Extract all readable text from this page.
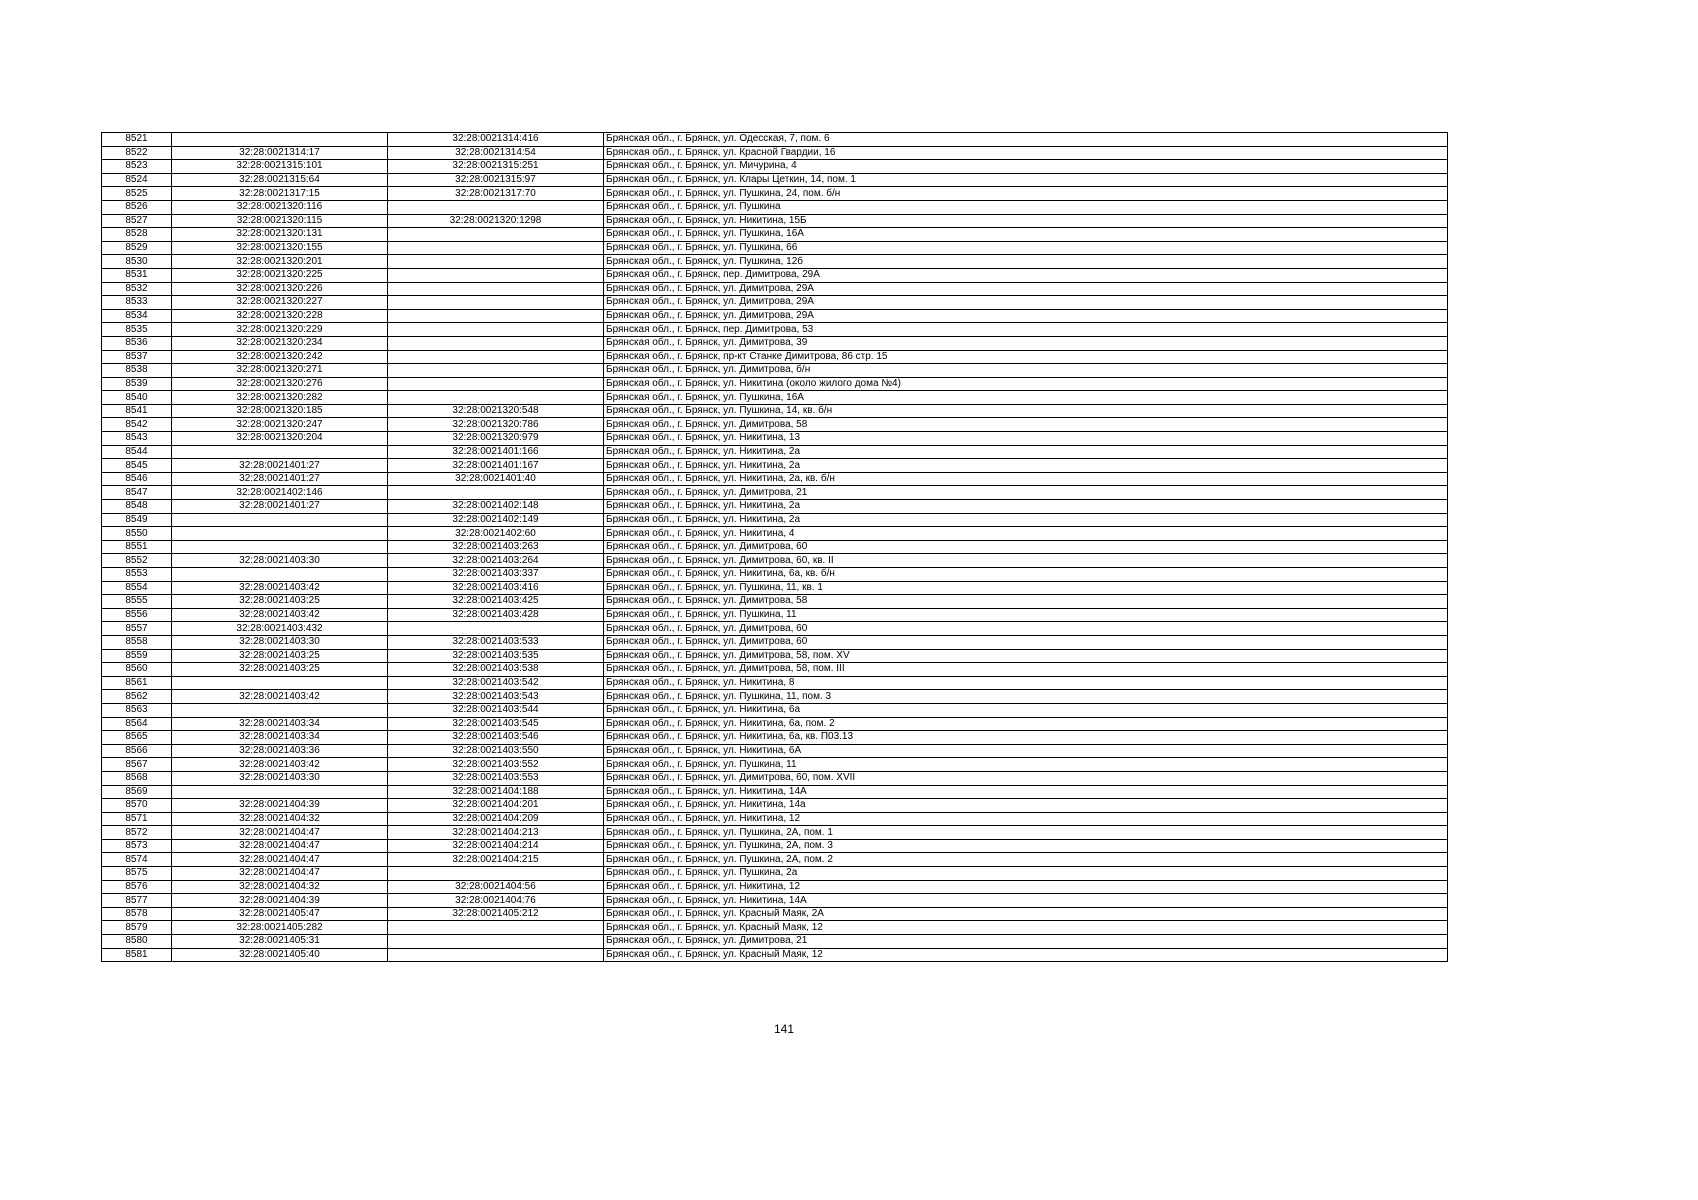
8521		32:28:0021314:416	Брянская обл., г. Брянск, ул. Одесская, 7, пом. 6
8522	32:28:0021314:17	32:28:0021314:54	Брянская обл., г. Брянск, ул. Красной Гвардии, 16
8523	32:28:0021315:101	32:28:0021315:251	Брянская обл., г. Брянск, ул. Мичурина, 4
8524	32:28:0021315:64	32:28:0021315:97	Брянская обл., г. Брянск, ул. Клары Цеткин, 14, пом. 1
8525	32:28:0021317:15	32:28:0021317:70	Брянская обл., г. Брянск, ул. Пушкина, 24, пом. б/н
8526	32:28:0021320:116		Брянская обл., г. Брянск, ул. Пушкина
8527	32:28:0021320:115	32:28:0021320:1298	Брянская обл., г. Брянск, ул. Никитина, 15Б
8528	32:28:0021320:131		Брянская обл., г. Брянск, ул. Пушкина, 16А
8529	32:28:0021320:155		Брянская обл., г. Брянск, ул. Пушкина, 66
8530	32:28:0021320:201		Брянская обл., г. Брянск, ул. Пушкина, 12б
8531	32:28:0021320:225		Брянская обл., г. Брянск, пер. Димитрова, 29А
8532	32:28:0021320:226		Брянская обл., г. Брянск, ул. Димитрова, 29А
8533	32:28:0021320:227		Брянская обл., г. Брянск, ул. Димитрова, 29А
8534	32:28:0021320:228		Брянская обл., г. Брянск, ул. Димитрова, 29А
8535	32:28:0021320:229		Брянская обл., г. Брянск, пер. Димитрова, 53
8536	32:28:0021320:234		Брянская обл., г. Брянск, ул. Димитрова, 39
8537	32:28:0021320:242		Брянская обл., г. Брянск, пр-кт Станке Димитрова, 86 стр. 15
8538	32:28:0021320:271		Брянская обл., г. Брянск, ул. Димитрова, б/н
8539	32:28:0021320:276		Брянская обл., г. Брянск, ул. Никитина (около жилого дома №4)
8540	32:28:0021320:282		Брянская обл., г. Брянск, ул. Пушкина, 16А
8541	32:28:0021320:185	32:28:0021320:548	Брянская обл., г. Брянск, ул. Пушкина, 14, кв. б/н
8542	32:28:0021320:247	32:28:0021320:786	Брянская обл., г. Брянск, ул. Димитрова, 58
8543	32:28:0021320:204	32:28:0021320:979	Брянская обл., г. Брянск, ул. Никитина, 13
8544		32:28:0021401:166	Брянская обл., г. Брянск, ул. Никитина, 2а
8545	32:28:0021401:27	32:28:0021401:167	Брянская обл., г. Брянск, ул. Никитина, 2а
8546	32:28:0021401:27	32:28:0021401:40	Брянская обл., г. Брянск, ул. Никитина, 2а, кв. б/н
8547	32:28:0021402:146		Брянская обл., г. Брянск, ул. Димитрова, 21
8548	32:28:0021401:27	32:28:0021402:148	Брянская обл., г. Брянск, ул. Никитина, 2а
8549		32:28:0021402:149	Брянская обл., г. Брянск, ул. Никитина, 2а
8550		32:28:0021402:60	Брянская обл., г. Брянск, ул. Никитина, 4
8551		32:28:0021403:263	Брянская обл., г. Брянск, ул. Димитрова, 60
8552	32:28:0021403:30	32:28:0021403:264	Брянская обл., г. Брянск, ул. Димитрова, 60, кв. II
8553		32:28:0021403:337	Брянская обл., г. Брянск, ул. Никитина, 6а, кв. б/н
8554	32:28:0021403:42	32:28:0021403:416	Брянская обл., г. Брянск, ул. Пушкина, 11, кв. 1
8555	32:28:0021403:25	32:28:0021403:425	Брянская обл., г. Брянск, ул. Димитрова, 58
8556	32:28:0021403:42	32:28:0021403:428	Брянская обл., г. Брянск, ул. Пушкина, 11
8557	32:28:0021403:432		Брянская обл., г. Брянск, ул. Димитрова, 60
8558	32:28:0021403:30	32:28:0021403:533	Брянская обл., г. Брянск, ул. Димитрова, 60
8559	32:28:0021403:25	32:28:0021403:535	Брянская обл., г. Брянск, ул. Димитрова, 58, пом. XV
8560	32:28:0021403:25	32:28:0021403:538	Брянская обл., г. Брянск, ул. Димитрова, 58, пом. III
8561		32:28:0021403:542	Брянская обл., г. Брянск, ул. Никитина, 8
8562	32:28:0021403:42	32:28:0021403:543	Брянская обл., г. Брянск, ул. Пушкина, 11, пом. 3
8563		32:28:0021403:544	Брянская обл., г. Брянск, ул. Никитина, 6а
8564	32:28:0021403:34	32:28:0021403:545	Брянская обл., г. Брянск, ул. Никитина, 6а, пом. 2
8565	32:28:0021403:34	32:28:0021403:546	Брянская обл., г. Брянск, ул. Никитина, 6а, кв. П03.13
8566	32:28:0021403:36	32:28:0021403:550	Брянская обл., г. Брянск, ул. Никитина, 6А
8567	32:28:0021403:42	32:28:0021403:552	Брянская обл., г. Брянск, ул. Пушкина, 11
8568	32:28:0021403:30	32:28:0021403:553	Брянская обл., г. Брянск, ул. Димитрова, 60, пом. XVII
8569		32:28:0021404:188	Брянская обл., г. Брянск, ул. Никитина, 14А
8570	32:28:0021404:39	32:28:0021404:201	Брянская обл., г. Брянск, ул. Никитина, 14а
8571	32:28:0021404:32	32:28:0021404:209	Брянская обл., г. Брянск, ул. Никитина, 12
8572	32:28:0021404:47	32:28:0021404:213	Брянская обл., г. Брянск, ул. Пушкина, 2А, пом. 1
8573	32:28:0021404:47	32:28:0021404:214	Брянская обл., г. Брянск, ул. Пушкина, 2А, пом. 3
8574	32:28:0021404:47	32:28:0021404:215	Брянская обл., г. Брянск, ул. Пушкина, 2А, пом. 2
8575	32:28:0021404:47		Брянская обл., г. Брянск, ул. Пушкина, 2а
8576	32:28:0021404:32	32:28:0021404:56	Брянская обл., г. Брянск, ул. Никитина, 12
8577	32:28:0021404:39	32:28:0021404:76	Брянская обл., г. Брянск, ул. Никитина, 14А
8578	32:28:0021405:47	32:28:0021405:212	Брянская обл., г. Брянск, ул. Красный Маяк, 2А
8579	32:28:0021405:282		Брянская обл., г. Брянск, ул. Красный Маяк, 12
8580	32:28:0021405:31		Брянская обл., г. Брянск, ул. Димитрова, 21
8581	32:28:0021405:40		Брянская обл., г. Брянск, ул. Красный Маяк, 12
141
